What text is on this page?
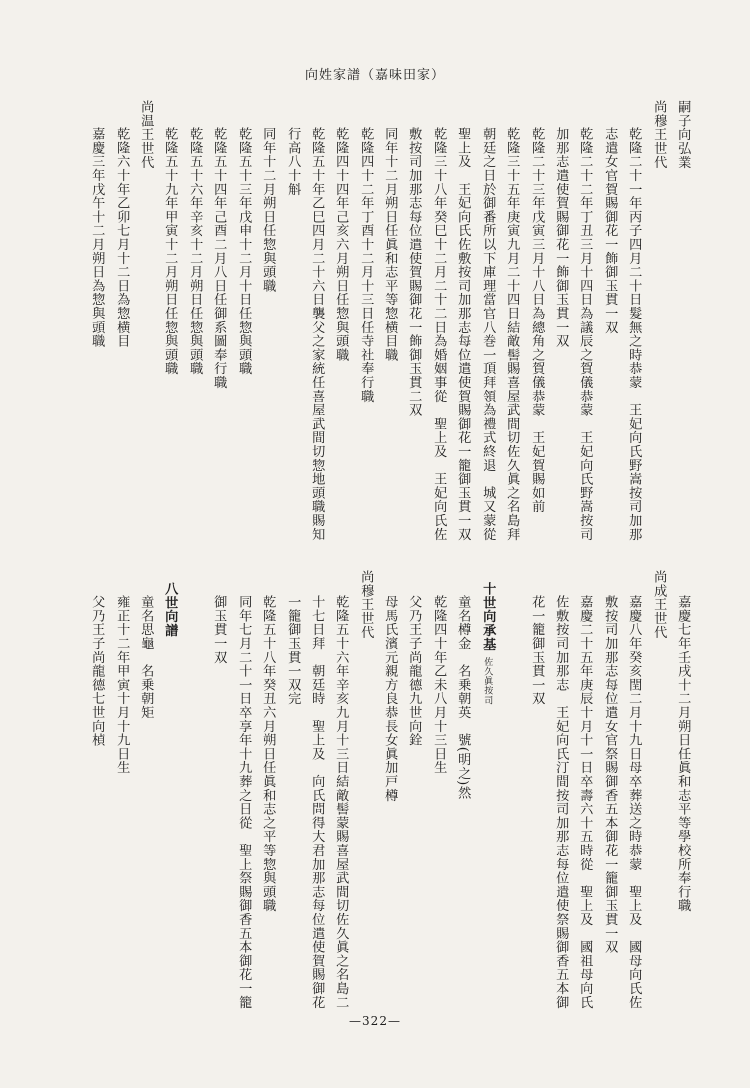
向姓家譜（嘉味田家）
嗣子向弘業
尚穆王世代
乾隆二十一年丙子四月二十日髮無之時恭蒙　王妃向氏野嵩按司加那
志遣女官賀賜御花一飾御玉貫一双
乾隆二十二年丁丑三月十四日為議辰之賀儀恭蒙　王妃向氏野嵩按司
加那志遣使賀賜御花一飾御玉貫一双
乾隆二十三年戊寅三月十八日為總角之賀儀恭蒙　王妃賀賜如前
乾隆三十五年庚寅九月二十四日結敵髻賜喜屋武間切佐久眞之名島拜
朝廷之日於御番所以下庫理當官八巻一頂拜領為禮式終退　城又蒙從
聖上及　王妃向氏佐敷按司加那志每位遣使賀賜御花一籠御玉貫一双
乾隆三十八年癸巳十二月二十二日為婚姻事從　聖上及　王妃向氏佐
敷按司加那志每位遣使賀賜御花一飾御玉貫二双
同年十二月朔日任眞和志平等惣横目職
乾隆四十二年丁酉十二月十三日任寺社奉行職
乾隆四十四年己亥六月朔日任惣與頭職
乾隆五十年乙巳四月二十六日襲父之家統任喜屋武間切惣地頭職賜知
行高八十斛
同年十二月朔日任惣與頭職
乾隆五十三年戊申十二月十日任惣與頭職
乾隆五十四年己酉二月八日任御系圖奉行職
乾隆五十六年辛亥十二月朔日任惣與頭職
乾隆五十九年甲寅十二月朔日任惣與頭職
尚温王世代
乾隆六十年乙卯七月十二日為惣横目
嘉慶三年戊午十二月朔日為惣與頭職
嘉慶七年壬戌十二月朔日任眞和志平等學校所奉行職
尚成王世代
嘉慶八年癸亥閏二月十九日母卒葬送之時恭蒙　聖上及　國母向氏佐
敷按司加那志每位遣女官祭賜御香五本御花一籠御玉貫一双
嘉慶二十五年庚辰十月十一日卒壽六十五時從　聖上及　國祖母向氏
佐敷按司加那志　王妃向氏汀間按司加那志每位遣使祭賜御香五本御
花一籠御玉貫一双
十世向承基佐久眞按司
童名樽金　名乗朝英　號(明之)然
乾隆四十年乙未八月十三日生
父乃王子尚龍德九世向銓
母馬氏濱元親方良恭長女眞加戸樽
尚穆王世代
乾隆五十六年辛亥九月十三日結敵髻蒙賜喜屋武間切佐久眞之名島二
十七日拜　朝廷時　聖上及　向氏問得大君加那志每位遣使賀賜御花
一籠御玉貫一双完
乾隆五十八年癸丑六月朔日任眞和志之平等惣與頭職
同年七月二十一日卒享年十九葬之日從　聖上祭賜御香五本御花一籠
御玉貫一双
八世向譜
童名思龜　名乗朝矩
雍正十二年甲寅十月十九日生
父乃王子尚龍德七世向楨
—322—
